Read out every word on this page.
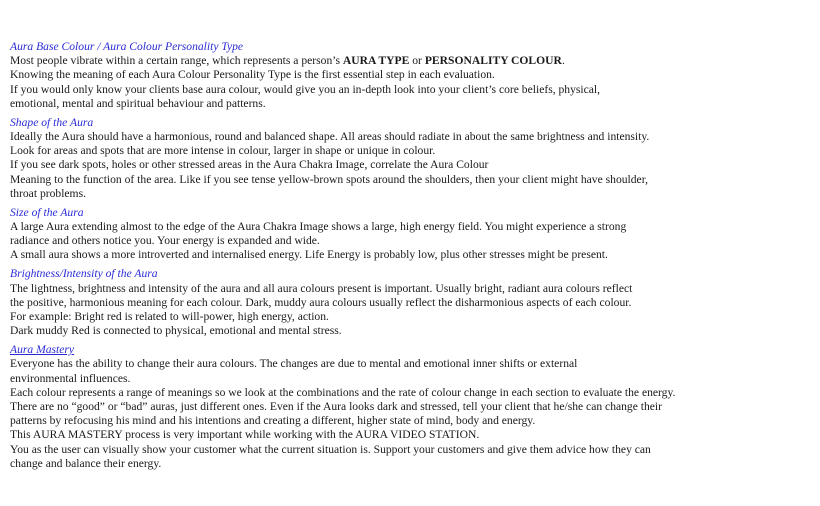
Aura Base Colour / Aura Colour Personality Type
Most people vibrate within a certain range, which represents a person’s AURA TYPE or PERSONALITY COLOUR.
Knowing the meaning of each Aura Colour Personality Type is the first essential step in each evaluation.
If you would only know your clients base aura colour, would give you an in-depth look into your client’s core beliefs, physical,
emotional, mental and spiritual behaviour and patterns.
Shape of the Aura
Ideally the Aura should have a harmonious, round and balanced shape. All areas should radiate in about the same brightness and intensity.
Look for areas and spots that are more intense in colour, larger in shape or unique in colour.
If you see dark spots, holes or other stressed areas in the Aura Chakra Image, correlate the Aura Colour
Meaning to the function of the area. Like if you see tense yellow-brown spots around the shoulders, then your client might have shoulder,
throat problems.
Size of the Aura
A large Aura extending almost to the edge of the Aura Chakra Image shows a large, high energy field. You might experience a strong
radiance and others notice you. Your energy is expanded and wide.
A small aura shows a more introverted and internalised energy. Life Energy is probably low, plus other stresses might be present.
Brightness/Intensity of the Aura
The lightness, brightness and intensity of the aura and all aura colours present is important. Usually bright, radiant aura colours reflect
the positive, harmonious meaning for each colour. Dark, muddy aura colours usually reflect the disharmonious aspects of each colour.
For example: Bright red is related to will-power, high energy, action.
Dark muddy Red is connected to physical, emotional and mental stress.
Aura Mastery
Everyone has the ability to change their aura colours. The changes are due to mental and emotional inner shifts or external
environmental influences.
Each colour represents a range of meanings so we look at the combinations and the rate of colour change in each section to evaluate the energy.
There are no “good” or “bad” auras, just different ones. Even if the Aura looks dark and stressed, tell your client that he/she can change their
patterns by refocusing his mind and his intentions and creating a different, higher state of mind, body and energy.
This AURA MASTERY process is very important while working with the AURA VIDEO STATION.
You as the user can visually show your customer what the current situation is. Support your customers and give them advice how they can
change and balance their energy.
